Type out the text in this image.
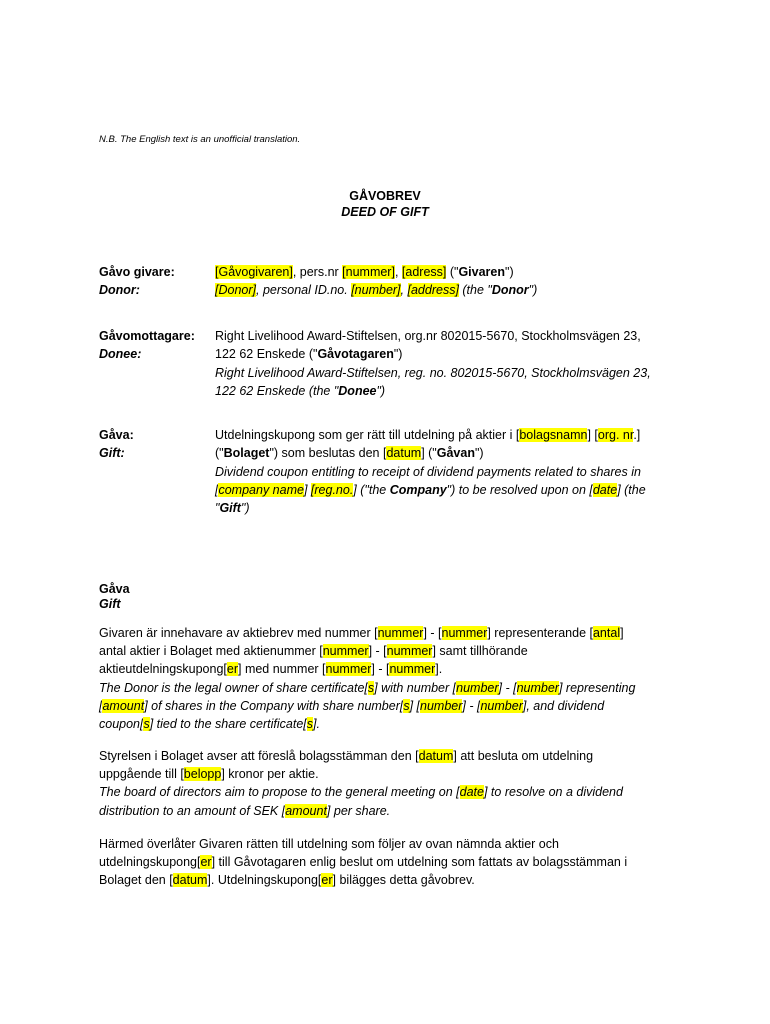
N.B. The English text is an unofficial translation.
GÅVOBREV
DEED OF GIFT
Gåvo givare:
Donor:
[Gåvogivaren], pers.nr [nummer], [adress] ("Givaren")
[Donor], personal ID.no. [number], [address] (the "Donor")
Gåvomottagare:
Donee:
Right Livelihood Award-Stiftelsen, org.nr 802015-5670, Stockholmsvägen 23,
122 62 Enskede ("Gåvotagaren")
Right Livelihood Award-Stiftelsen, reg. no. 802015-5670, Stockholmsvägen 23,
122 62 Enskede (the "Donee")
Gåva:
Gift:
Utdelningskupong som ger rätt till utdelning på aktier i [bolagsnamn] [org. nr.]
("Bolaget") som beslutas den [datum] ("Gåvan")
Dividend coupon entitling to receipt of dividend payments related to shares in
[company name] [reg.no.] ("the Company") to be resolved upon on [date] (the
"Gift")
Gåva
Gift
Givaren är innehavare av aktiebrev med nummer [nummer] - [nummer] representerande [antal]
antal aktier i Bolaget med aktienummer [nummer] - [nummer] samt tillhörande
aktieutdelningskupong[er] med nummer [nummer] - [nummer].
The Donor is the legal owner of share certificate[s] with number [number] - [number] representing
[amount] of shares in the Company with share number[s] [number] - [number], and dividend
coupon[s] tied to the share certificate[s].
Styrelsen i Bolaget avser att föreslå bolagsstämman den [datum] att besluta om utdelning
uppgående till [belopp] kronor per aktie.
The board of directors aim to propose to the general meeting on [date] to resolve on a dividend
distribution to an amount of SEK [amount] per share.
Härmed överlåter Givaren rätten till utdelning som följer av ovan nämnda aktier och
utdelningskupong[er] till Gåvotagaren enlig beslut om utdelning som fattats av bolagsstämman i
Bolaget den [datum]. Utdelningskupong[er] bilägges detta gåvobrev.
